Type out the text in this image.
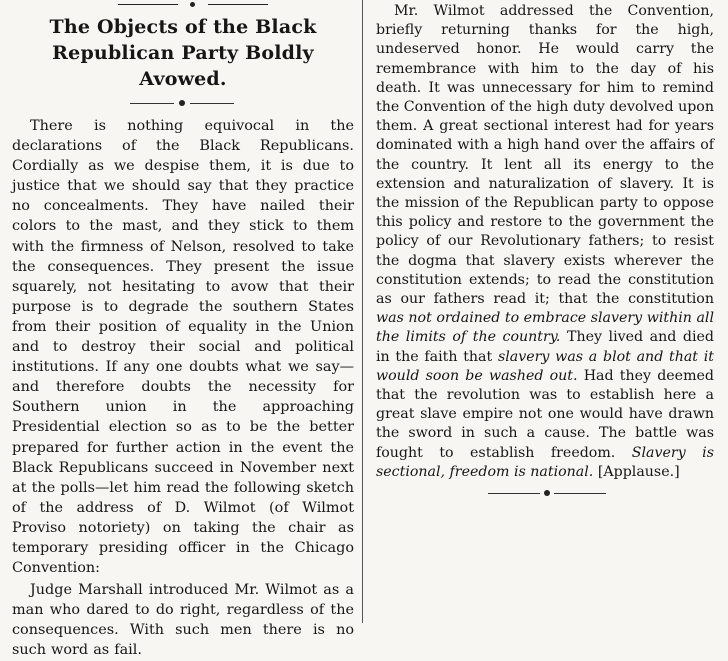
The Objects of the Black Republican Party Boldly Avowed.

There is nothing equivocal in the declarations of the Black Republicans. Cordially as we despise them, it is due to justice that we should say that they practice no concealments. They have nailed their colors to the mast, and they stick to them with the firmness of Nelson, resolved to take the consequences. They present the issue squarely, not hesitating to avow that their purpose is to degrade the southern States from their position of equality in the Union and to destroy their social and political institutions. If any one doubts what we say—and therefore doubts the necessity for Southern union in the approaching Presidential election so as to be the better prepared for further action in the event the Black Republicans succeed in November next at the polls—let him read the following sketch of the address of D. Wilmot (of Wilmot Proviso notoriety) on taking the chair as temporary presiding officer in the Chicago Convention:

Judge Marshall introduced Mr. Wilmot as a man who dared to do right, regardless of the consequences. With such men there is no such word as fail.

Mr. Wilmot addressed the Convention, briefly returning thanks for the high, undeserved honor. He would carry the remembrance with him to the day of his death. It was unnecessary for him to remind the Convention of the high duty devolved upon them. A great sectional interest had for years dominated with a high hand over the affairs of the country. It lent all its energy to the extension and naturalization of slavery. It is the mission of the Republican party to oppose this policy and restore to the government the policy of our Revolutionary fathers; to resist the dogma that slavery exists wherever the constitution extends; to read the constitution as our fathers read it; that the constitution was not ordained to embrace slavery within all the limits of the country. They lived and died in the faith that slavery was a blot and that it would soon be washed out. Had they deemed that the revolution was to establish here a great slave empire not one would have drawn the sword in such a cause. The battle was fought to establish freedom. Slavery is sectional, freedom is national. [Applause.]
